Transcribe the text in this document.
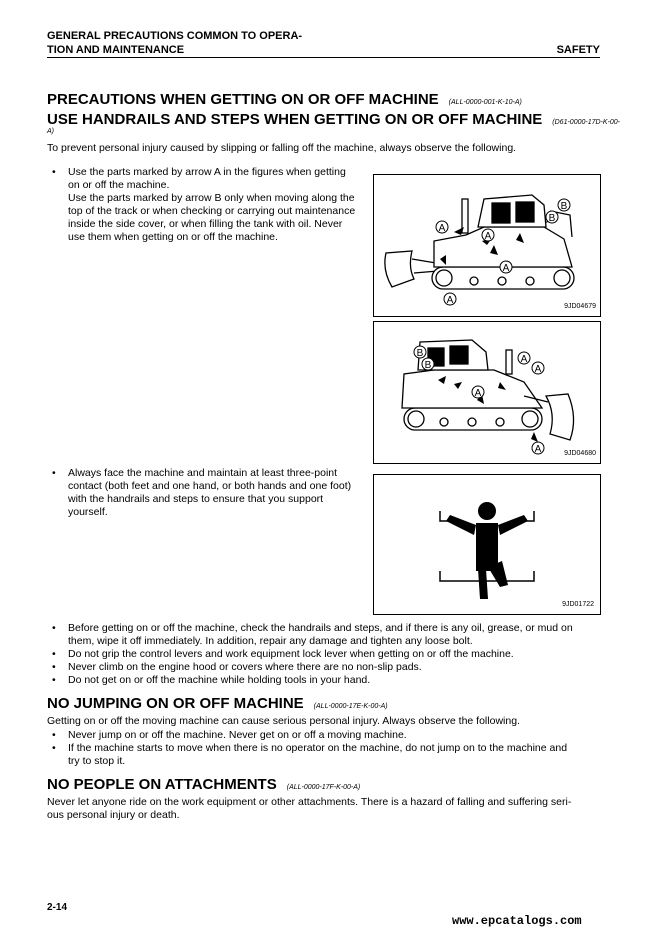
GENERAL PRECAUTIONS COMMON TO OPERA-
TION AND MAINTENANCE	SAFETY
PRECAUTIONS WHEN GETTING ON OR OFF MACHINE (ALL-0000-001-K-10-A)
USE HANDRAILS AND STEPS WHEN GETTING ON OR OFF MACHINE (D61-0000-17D-K-00-
A)
To prevent personal injury caused by slipping or falling off the machine, always observe the following.
• Use the parts marked by arrow A in the figures when getting
on or off the machine.
Use the parts marked by arrow B only when moving along the
top of the track or when checking or carrying out maintenance
inside the side cover, or when filling the tank with oil. Never
use them when getting on or off the machine.
A
A
A
A
B
B
9JD04679
B
B
A
A
A
A	9JD04680
• Always face the machine and maintain at least three-point
contact (both feet and one hand, or both hands and one foot)
with the handrails and steps to ensure that you support
yourself.
9JD01722
• Before getting on or off the machine, check the handrails and steps, and if there is any oil, grease, or mud on
them, wipe it off immediately. In addition, repair any damage and tighten any loose bolt.
• Do not grip the control levers and work equipment lock lever when getting on or off the machine.
• Never climb on the engine hood or covers where there are no non-slip pads.
• Do not get on or off the machine while holding tools in your hand.
NO JUMPING ON OR OFF MACHINE (ALL-0000-17E-K-00-A)
Getting on or off the moving machine can cause serious personal injury. Always observe the following.
• Never jump on or off the machine. Never get on or off a moving machine.
• If the machine starts to move when there is no operator on the machine, do not jump on to the machine and
try to stop it.
NO PEOPLE ON ATTACHMENTS (ALL-0000-17F-K-00-A)
Never let anyone ride on the work equipment or other attachments. There is a hazard of falling and suffering seri-
ous personal injury or death.
2-14
www.epcatalogs.com
